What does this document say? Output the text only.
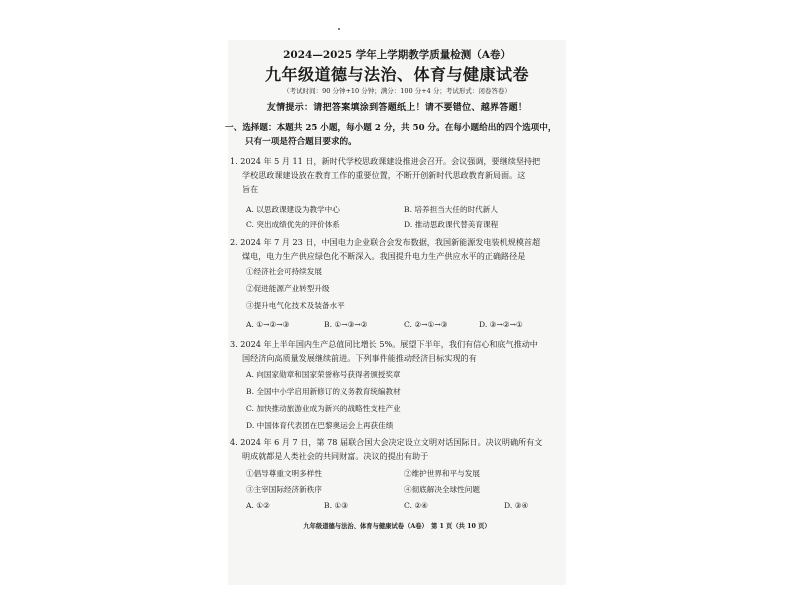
2024—2025 学年上学期教学质量检测（A卷）
九年级道德与法治、体育与健康试卷
（考试时间：90 分钟+10 分钟；满分：100 分+4 分；考试形式：闭卷答卷）
友情提示：请把答案填涂到答题纸上！请不要错位、越界答题！
一、选择题：本题共 25 小题，每小题 2 分，共 50 分。在每小题给出的四个选项中，
只有一项是符合题目要求的。
1. 2024 年 5 月 11 日，新时代学校思政课建设推进会召开。会议强调，要继续坚持把
学校思政课建设放在教育工作的重要位置，不断开创新时代思政教育新局面。这
旨在
A. 以思政课建设为教学中心	B. 培养担当大任的时代新人
C. 突出成绩优先的评价体系	D. 推动思政课代替美育课程
2. 2024 年 7 月 23 日，中国电力企业联合会发布数据，我国新能源发电装机规模首超
煤电，电力生产供应绿色化不断深入。我国提升电力生产供应水平的正确路径是
①经济社会可持续发展
②促进能源产业转型升级
③提升电气化技术及装备水平
A. ①→②→③	B. ①→③→②	C. ②→①→③	D. ③→②→①
3. 2024 年上半年国内生产总值同比增长 5%。展望下半年，我们有信心和底气推动中
国经济向高质量发展继续前进。下列事件能推动经济目标实现的有
A. 向国家勋章和国家荣誉称号获得者颁授奖章
B. 全国中小学启用新修订的义务教育统编教材
C. 加快推动旅游业成为新兴的战略性支柱产业
D. 中国体育代表团在巴黎奥运会上再获佳绩
4. 2024 年 6 月 7 日，第 78 届联合国大会决定设立文明对话国际日。决议明确所有文
明成就都是人类社会的共同财富。决议的提出有助于
①倡导尊重文明多样性	②维护世界和平与发展
③主宰国际经济新秩序	④彻底解决全球性问题
A. ①②	B. ①③	C. ②④	D. ③④
九年级道德与法治、体育与健康试卷（A卷）　第 1 页（共 10 页）
